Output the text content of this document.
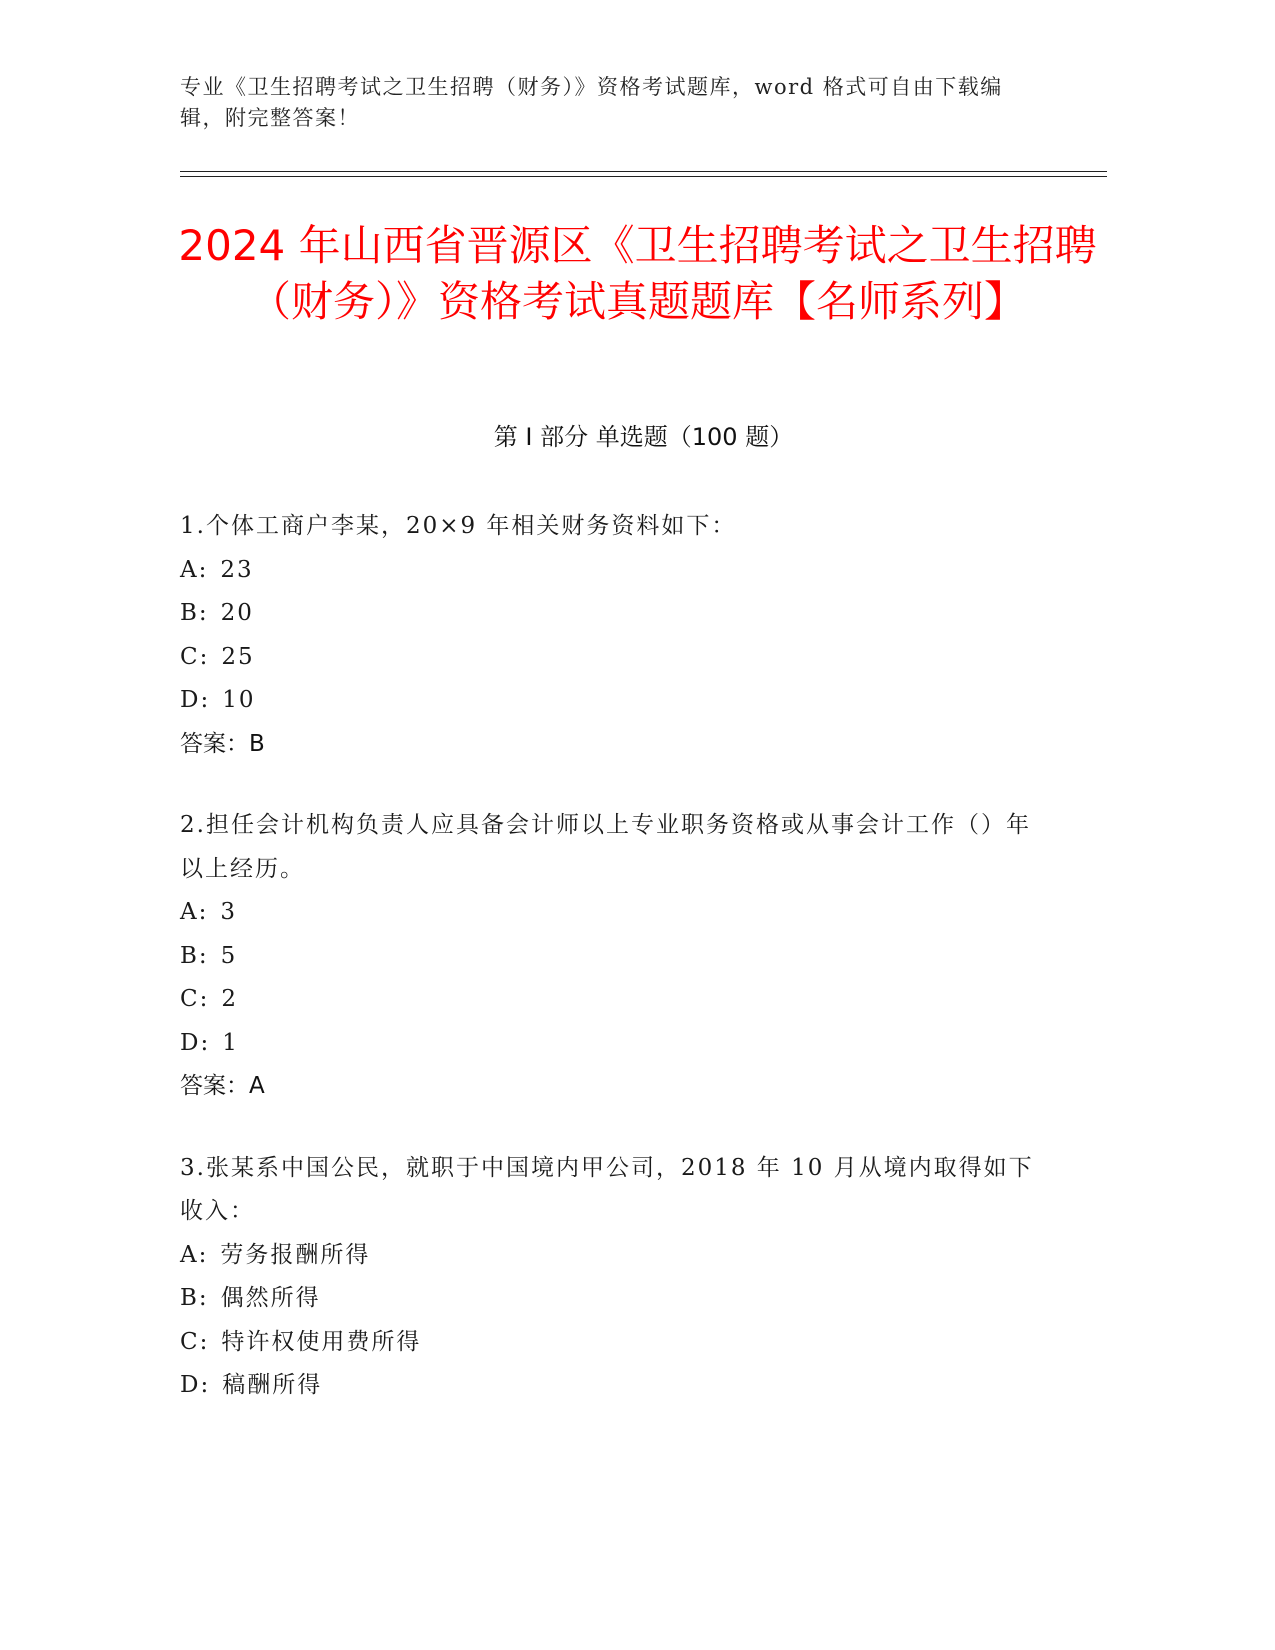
专业《卫生招聘考试之卫生招聘（财务）》资格考试题库，word 格式可自由下载编辑，附完整答案！
2024 年山西省晋源区《卫生招聘考试之卫生招聘（财务）》资格考试真题题库【名师系列】
第 I 部分 单选题（100 题）
1.个体工商户李某，20×9 年相关财务资料如下：
A: 23
B: 20
C: 25
D: 10
答案：B
2.担任会计机构负责人应具备会计师以上专业职务资格或从事会计工作（）年以上经历。
A: 3
B: 5
C: 2
D: 1
答案：A
3.张某系中国公民，就职于中国境内甲公司，2018 年 10 月从境内取得如下收入：
A: 劳务报酬所得
B: 偶然所得
C: 特许权使用费所得
D: 稿酬所得
